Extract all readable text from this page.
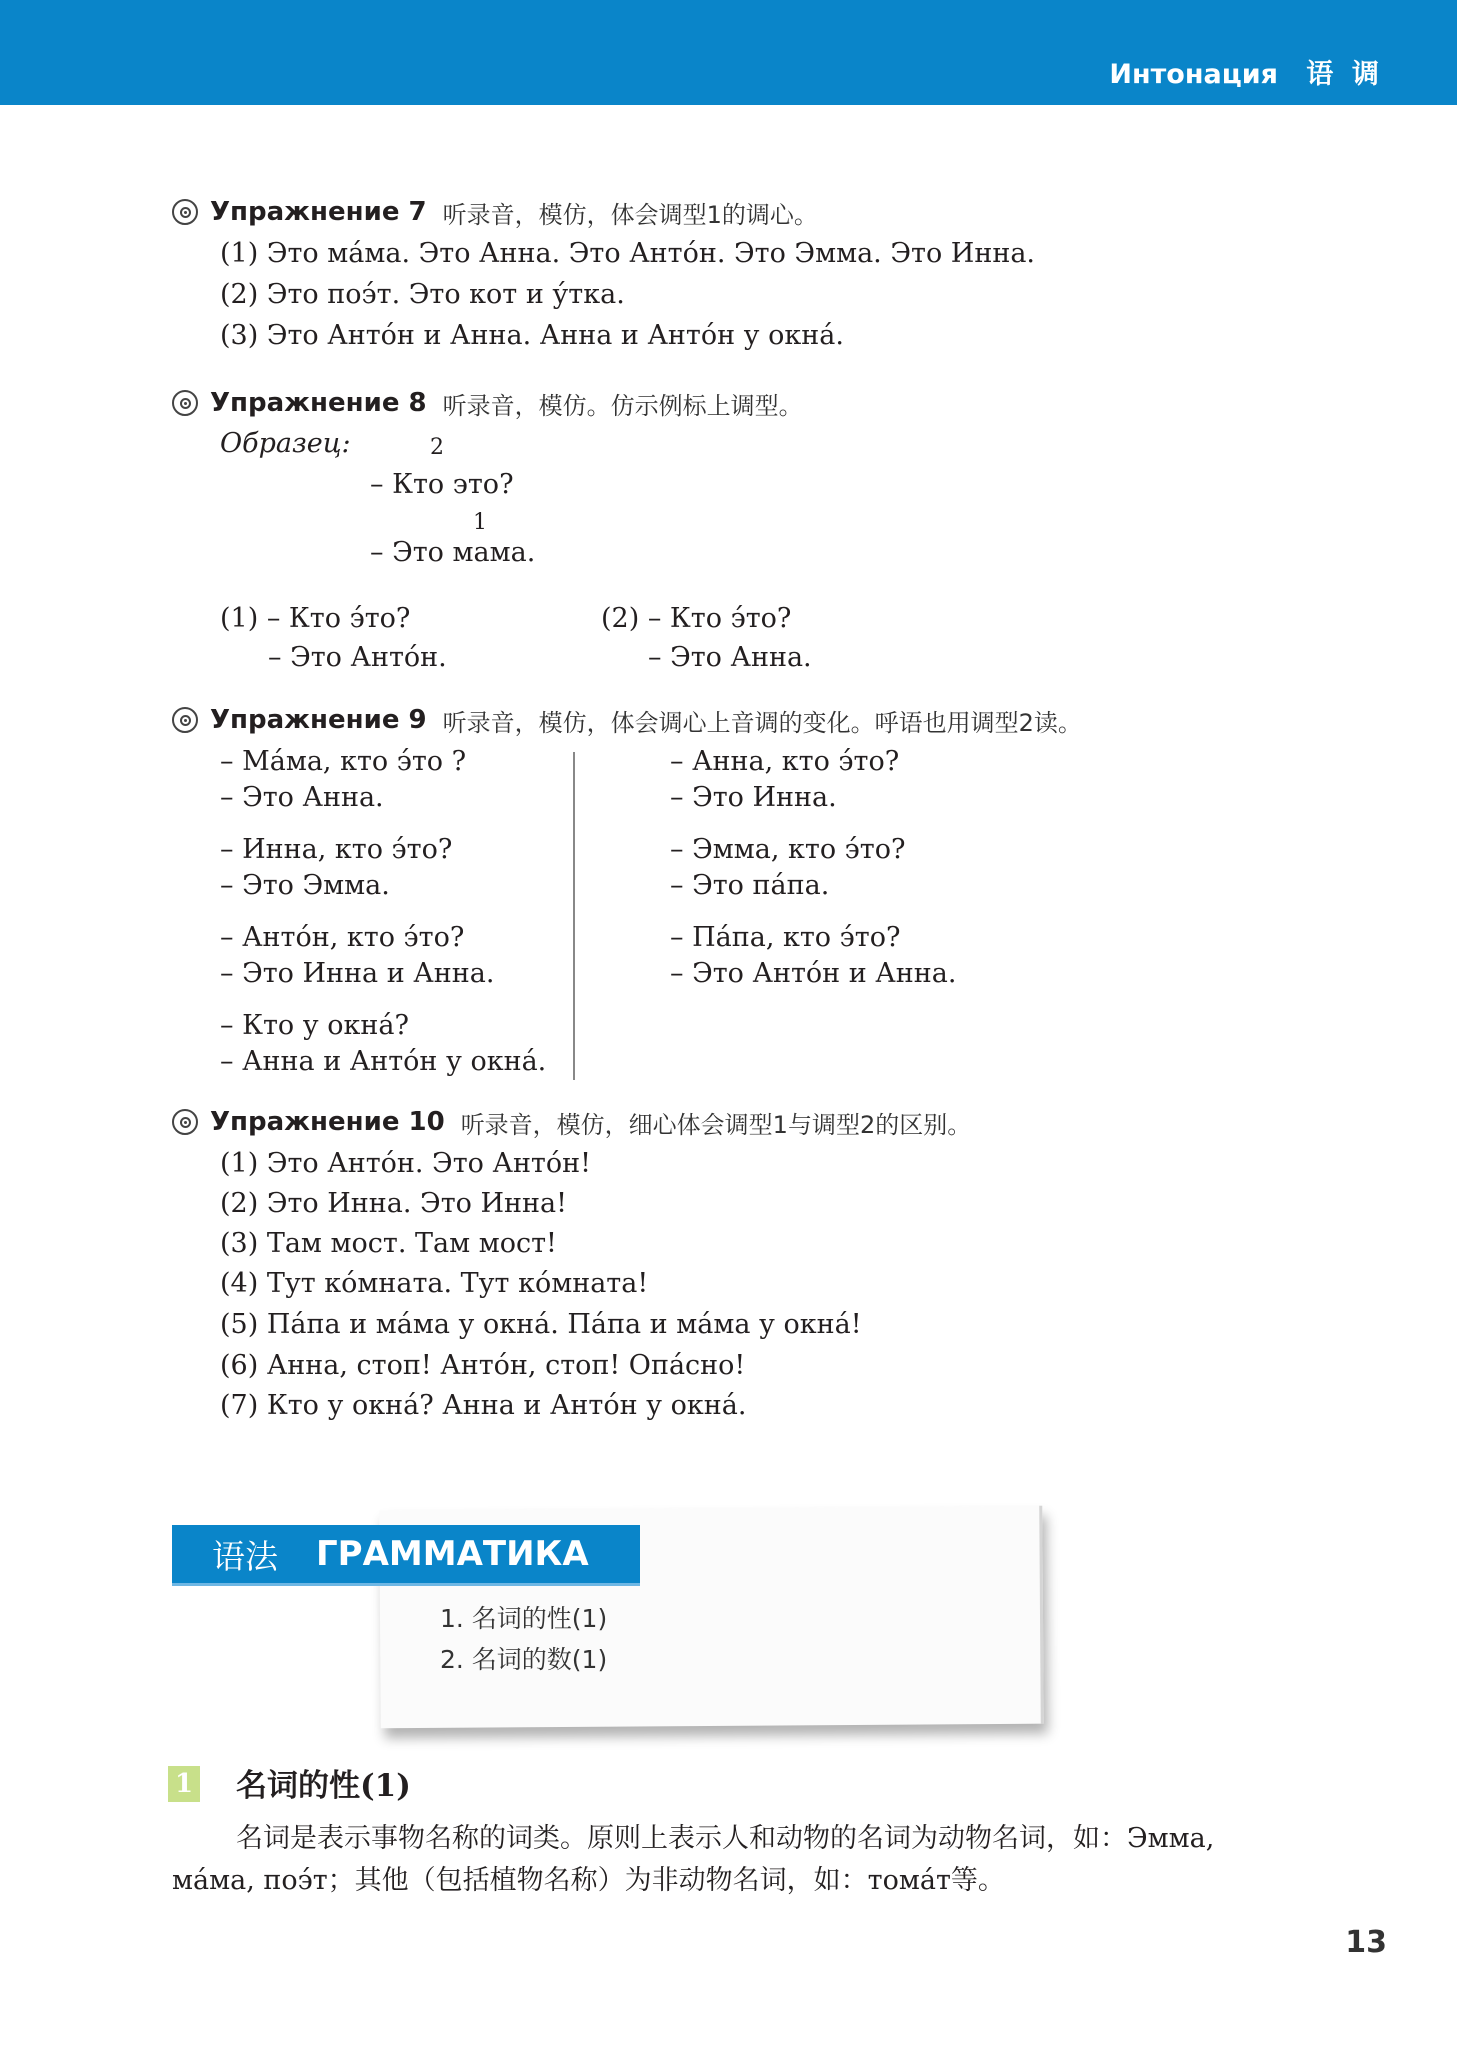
Интонация   语  调
Упражнение 7 听录音，模仿，体会调型1的调心。
(1) Это ма́ма. Это Анна. Это Анто́н. Это Эмма. Это Инна.
(2) Это поэ́т. Это кот и у́тка.
(3) Это Анто́н и Анна. Анна и Анто́н у окна́.
Упражнение 8 听录音，模仿。仿示例标上调型。
Образец:	2
– Кто это?
1
– Это мама.
(1) – Кто э́то?
– Это Анто́н.
(2) – Кто э́то?
– Это Анна.
Упражнение 9 听录音，模仿，体会调心上音调的变化。呼语也用调型2读。
– Ма́ма, кто э́то ?
– Это Анна.
– Инна, кто э́то?
– Это Эмма.
– Анто́н, кто э́то?
– Это Инна и Анна.
– Кто у окна́?
– Анна и Анто́н у окна́.
– Анна, кто э́то?
– Это Инна.
– Эмма, кто э́то?
– Это па́па.
– Па́па, кто э́то?
– Это Анто́н и Анна.
Упражнение 10 听录音，模仿，细心体会调型1与调型2的区别。
(1) Это Анто́н. Это Анто́н!
(2) Это Инна. Это Инна!
(3) Там мост. Там мост!
(4) Тут ко́мната. Тут ко́мната!
(5) Па́па и ма́ма у окна́. Па́па и ма́ма у окна́!
(6) Анна, стоп! Анто́н, стоп! Опа́сно!
(7) Кто у окна́? Анна и Анто́н у окна́.
语法 ГРАММАТИКА
1. 名词的性(1)
2. 名词的数(1)
1 名词的性(1)
名词是表示事物名称的词类。原则上表示人和动物的名词为动物名词，如：Эмма,
ма́ма, поэ́т；其他（包括植物名称）为非动物名词，如：тома́т等。
13
